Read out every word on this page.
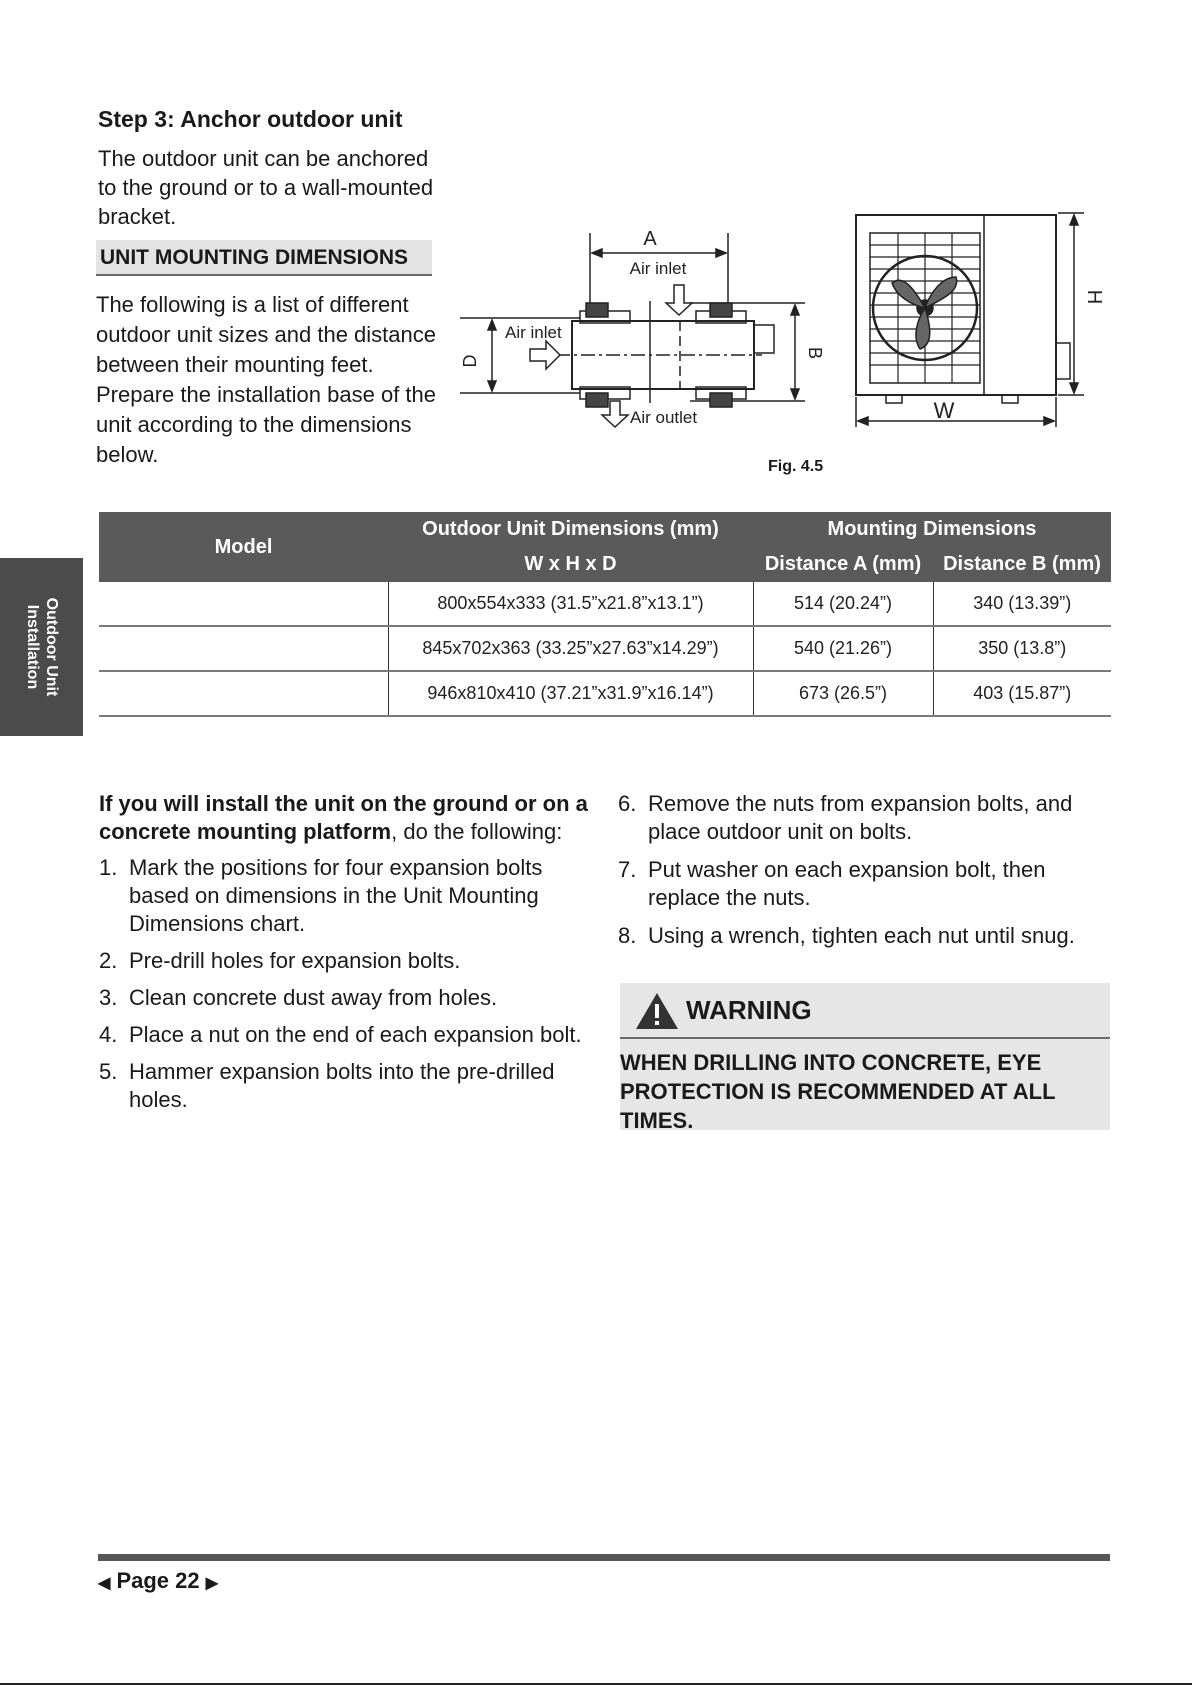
Step 3: Anchor outdoor unit
The outdoor unit can be anchored to the ground or to a wall-mounted bracket.
UNIT MOUNTING DIMENSIONS
The following is a list of different outdoor unit sizes and the distance between their mounting feet. Prepare the installation base of the unit according to the dimensions below.
A
Air inlet
Air inlet
Air outlet
D
B
H
W
Fig. 4.5
Outdoor Unit
Installation
Model	Outdoor Unit Dimensions (mm)	Mounting Dimensions	
	W x H x D	Distance A (mm)	Distance B (mm)
	800x554x333 (31.5”x21.8”x13.1”)	514 (20.24”)	340 (13.39”)
	845x702x363 (33.25”x27.63”x14.29”)	540 (21.26”)	350 (13.8”)
	946x810x410 (37.21”x31.9”x16.14”)	673 (26.5”)	403 (15.87”)
If you will install the unit on the ground or on a concrete mounting platform, do the following:
1. Mark the positions for four expansion bolts based on dimensions in the Unit Mounting Dimensions chart.
2. Pre-drill holes for expansion bolts.
3. Clean concrete dust away from holes.
4. Place a nut on the end of each expansion bolt.
5. Hammer expansion bolts into the pre-drilled holes.
6. Remove the nuts from expansion bolts, and place outdoor unit on bolts.
7. Put washer on each expansion bolt, then replace the nuts.
8. Using a wrench, tighten each nut until snug.
WARNING
WHEN DRILLING INTO CONCRETE, EYE PROTECTION IS RECOMMENDED AT ALL TIMES.
◀ Page 22 ▶
